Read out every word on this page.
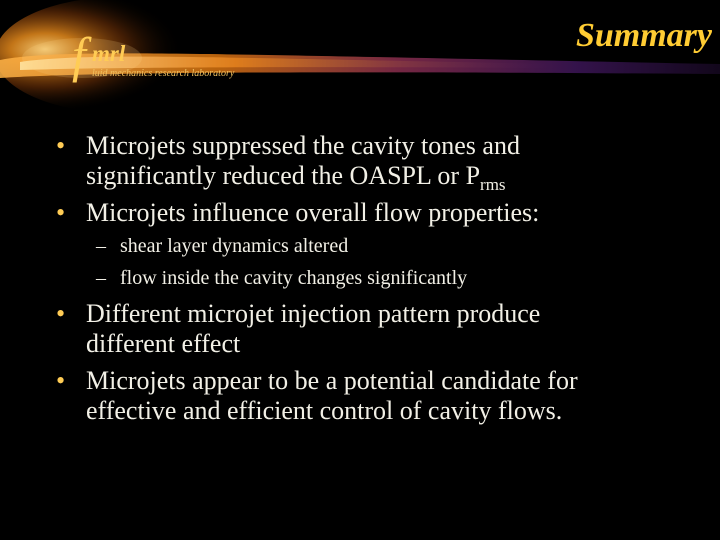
f mrl
luid mechanics research laboratory
Summary
• Microjets suppressed the cavity tones and
significantly reduced the OASPL or $P_{rms}$
• Microjets influence overall flow properties:
– shear layer dynamics altered
– flow inside the cavity changes significantly
• Different microjet injection pattern produce
different effect
• Microjets appear to be a potential candidate for
effective and efficient control of cavity flows.
